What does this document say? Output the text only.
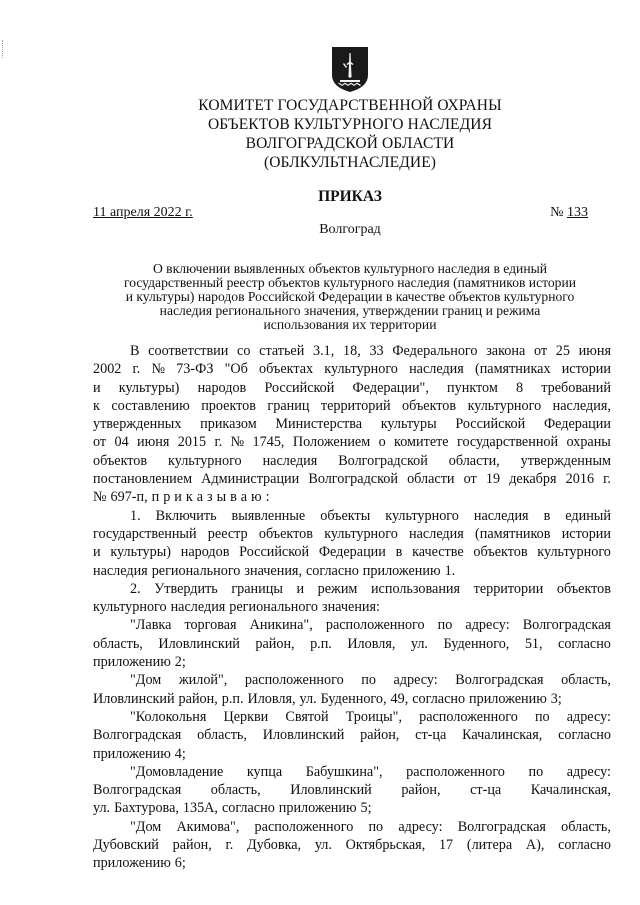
КОМИТЕТ ГОСУДАРСТВЕННОЙ ОХРАНЫ
ОБЪЕКТОВ КУЛЬТУРНОГО НАСЛЕДИЯ
ВОЛГОГРАДСКОЙ ОБЛАСТИ
(ОБЛКУЛЬТНАСЛЕДИЕ)
ПРИКАЗ
11 апреля 2022 г.	№ 133
Волгоград
О включении выявленных объектов культурного наследия в единый
государственный реестр объектов культурного наследия (памятников истории
и культуры) народов Российской Федерации в качестве объектов культурного
наследия регионального значения, утверждении границ и режима
использования их территории
В соответствии со статьей 3.1, 18, 33 Федерального закона от 25 июня
2002 г. № 73-ФЗ "Об объектах культурного наследия (памятниках истории
и культуры) народов Российской Федерации", пунктом 8 требований
к составлению проектов границ территорий объектов культурного наследия,
утвержденных приказом Министерства культуры Российской Федерации
от 04 июня 2015 г. № 1745, Положением о комитете государственной охраны
объектов культурного наследия Волгоградской области, утвержденным
постановлением Администрации Волгоградской области от 19 декабря 2016 г.
№ 697-п, п р и к а з ы в а ю :
1. Включить выявленные объекты культурного наследия в единый
государственный реестр объектов культурного наследия (памятников истории
и культуры) народов Российской Федерации в качестве объектов культурного
наследия регионального значения, согласно приложению 1.
2. Утвердить границы и режим использования территории объектов
культурного наследия регионального значения:
"Лавка торговая Аникина", расположенного по адресу: Волгоградская
область, Иловлинский район, р.п. Иловля, ул. Буденного, 51, согласно
приложению 2;
"Дом жилой", расположенного по адресу: Волгоградская область,
Иловлинский район, р.п. Иловля, ул. Буденного, 49, согласно приложению 3;
"Колокольня Церкви Святой Троицы", расположенного по адресу:
Волгоградская область, Иловлинский район, ст-ца Качалинская, согласно
приложению 4;
"Домовладение купца Бабушкина", расположенного по адресу:
Волгоградская область, Иловлинский район, ст-ца Качалинская,
ул. Бахтурова, 135А, согласно приложению 5;
"Дом Акимова", расположенного по адресу: Волгоградская область,
Дубовский район, г. Дубовка, ул. Октябрьская, 17 (литера А), согласно
приложению 6;
